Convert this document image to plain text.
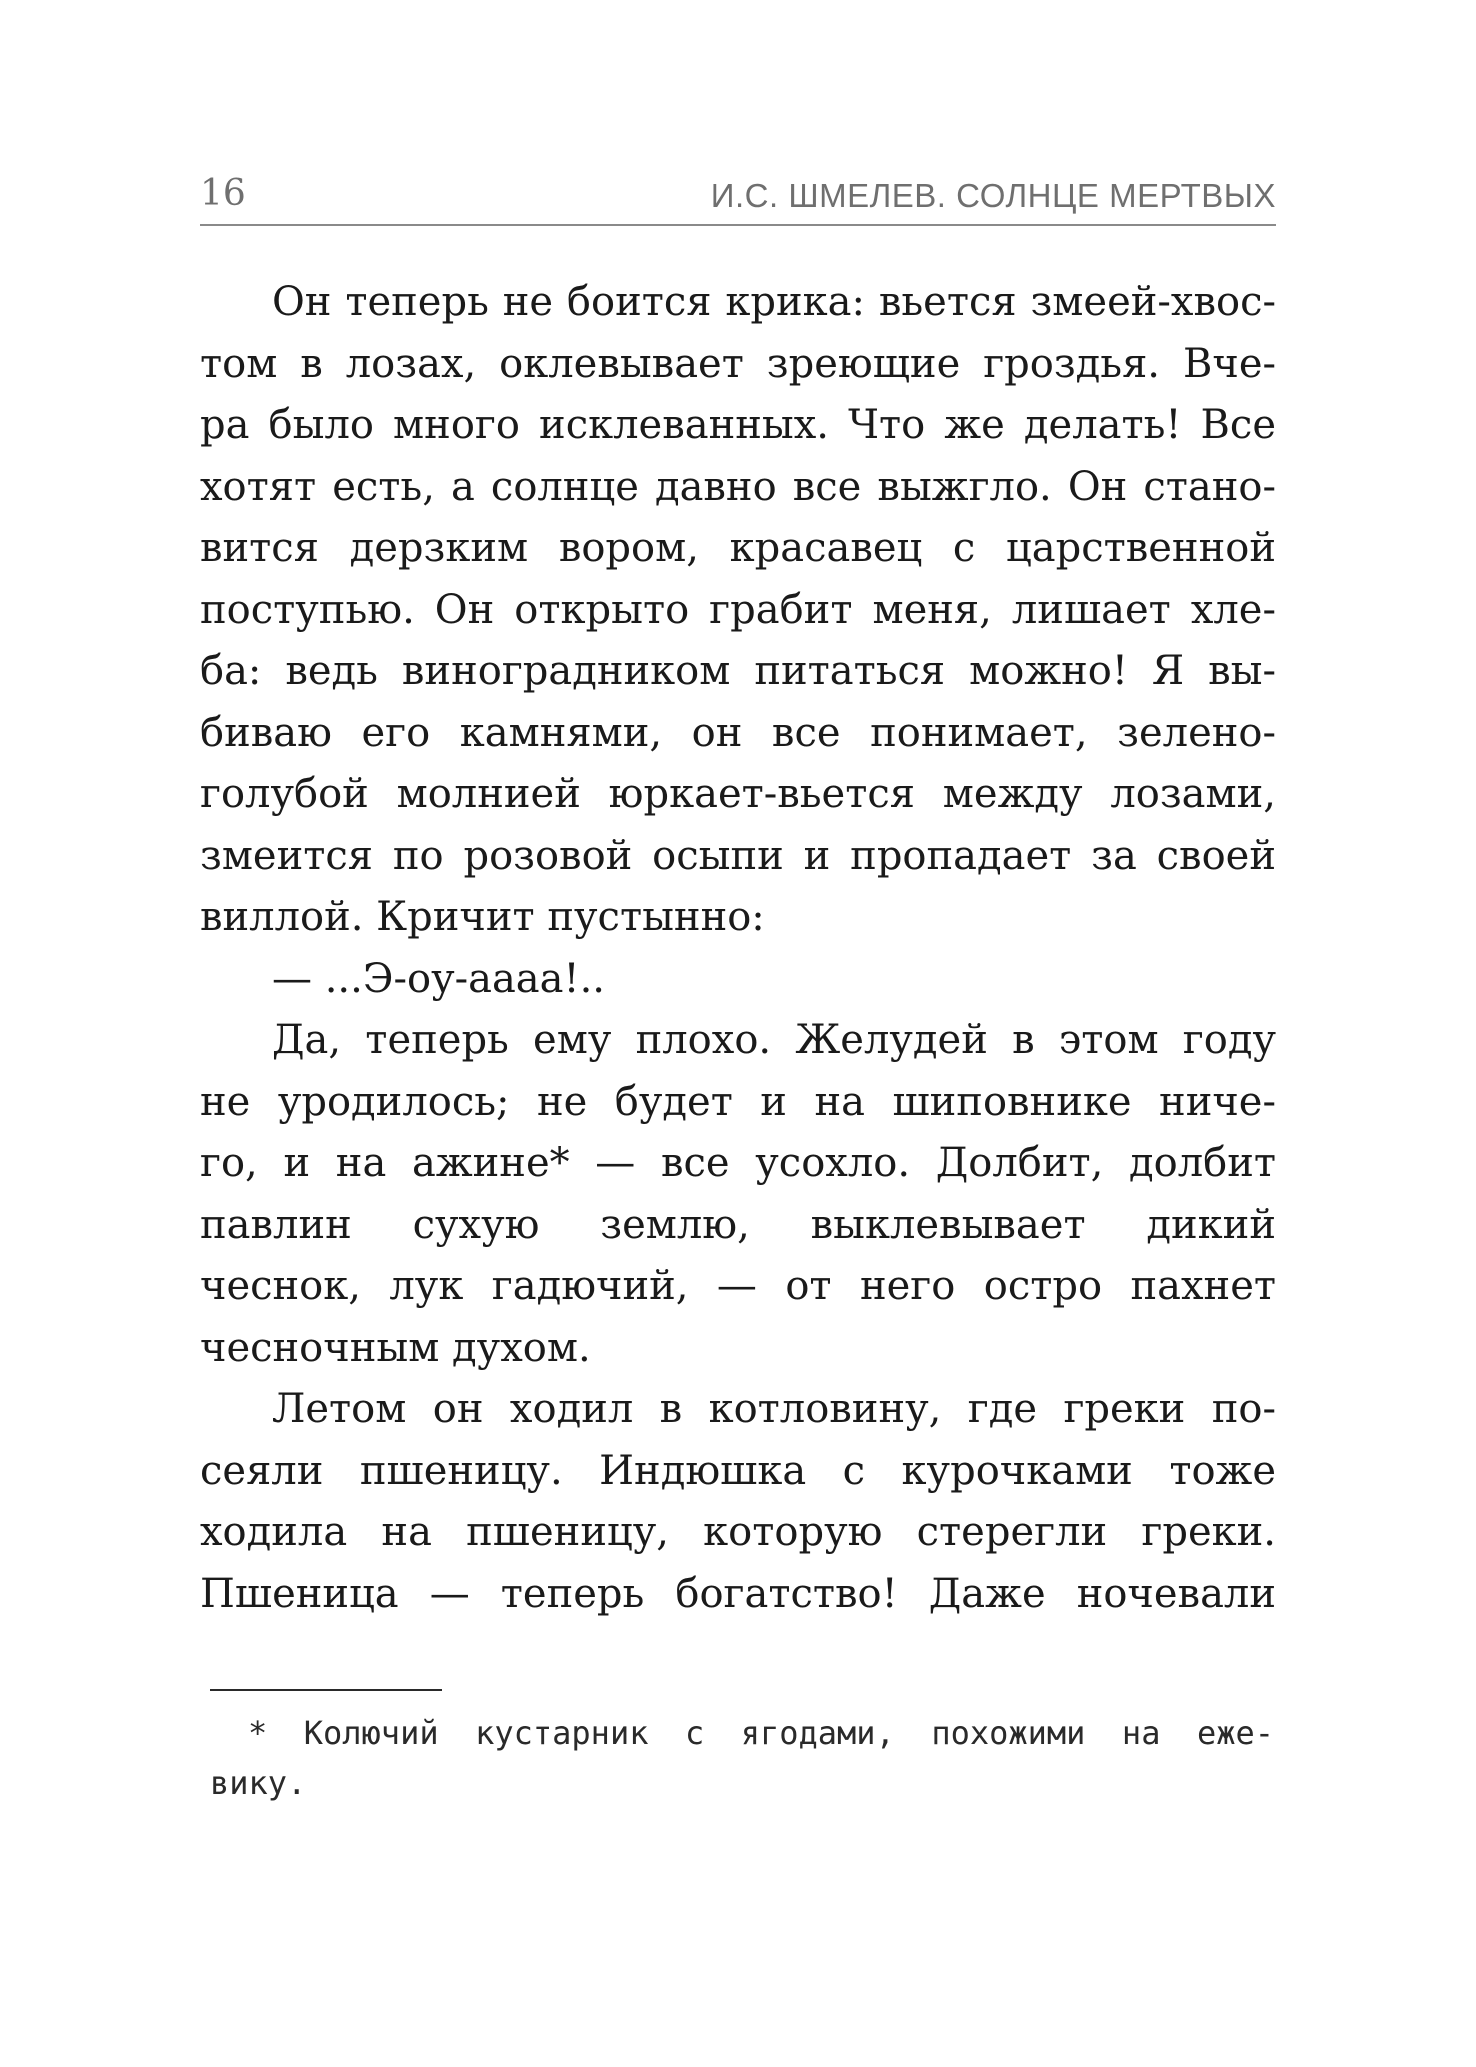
16	И.С. ШМЕЛЕВ. СОЛНЦЕ МЕРТВЫХ
Он теперь не боится крика: вьется змеей-хвос-
том в лозах, оклевывает зреющие гроздья. Вче-
ра было много исклеванных. Что же делать! Все
хотят есть, а солнце давно все выжгло. Он стано-
вится дерзким вором, красавец с царственной
поступью. Он открыто грабит меня, лишает хле-
ба: ведь виноградником питаться можно! Я вы-
биваю его камнями, он все понимает, зелено-
голубой молнией юркает-вьется между лозами,
змеится по розовой осыпи и пропадает за своей
виллой. Кричит пустынно:
— ...Э-оу-аааа!..
Да, теперь ему плохо. Желудей в этом году
не уродилось; не будет и на шиповнике ниче-
го, и на ажине* — все усохло. Долбит, долбит
павлин сухую землю, выклевывает дикий
чеснок, лук гадючий, — от него остро пахнет
чесночным духом.
Летом он ходил в котловину, где греки по-
сеяли пшеницу. Индюшка с курочками тоже
ходила на пшеницу, которую стерегли греки.
Пшеница — теперь богатство! Даже ночевали
* Колючий кустарник с ягодами, похожими на еже-
вику.
